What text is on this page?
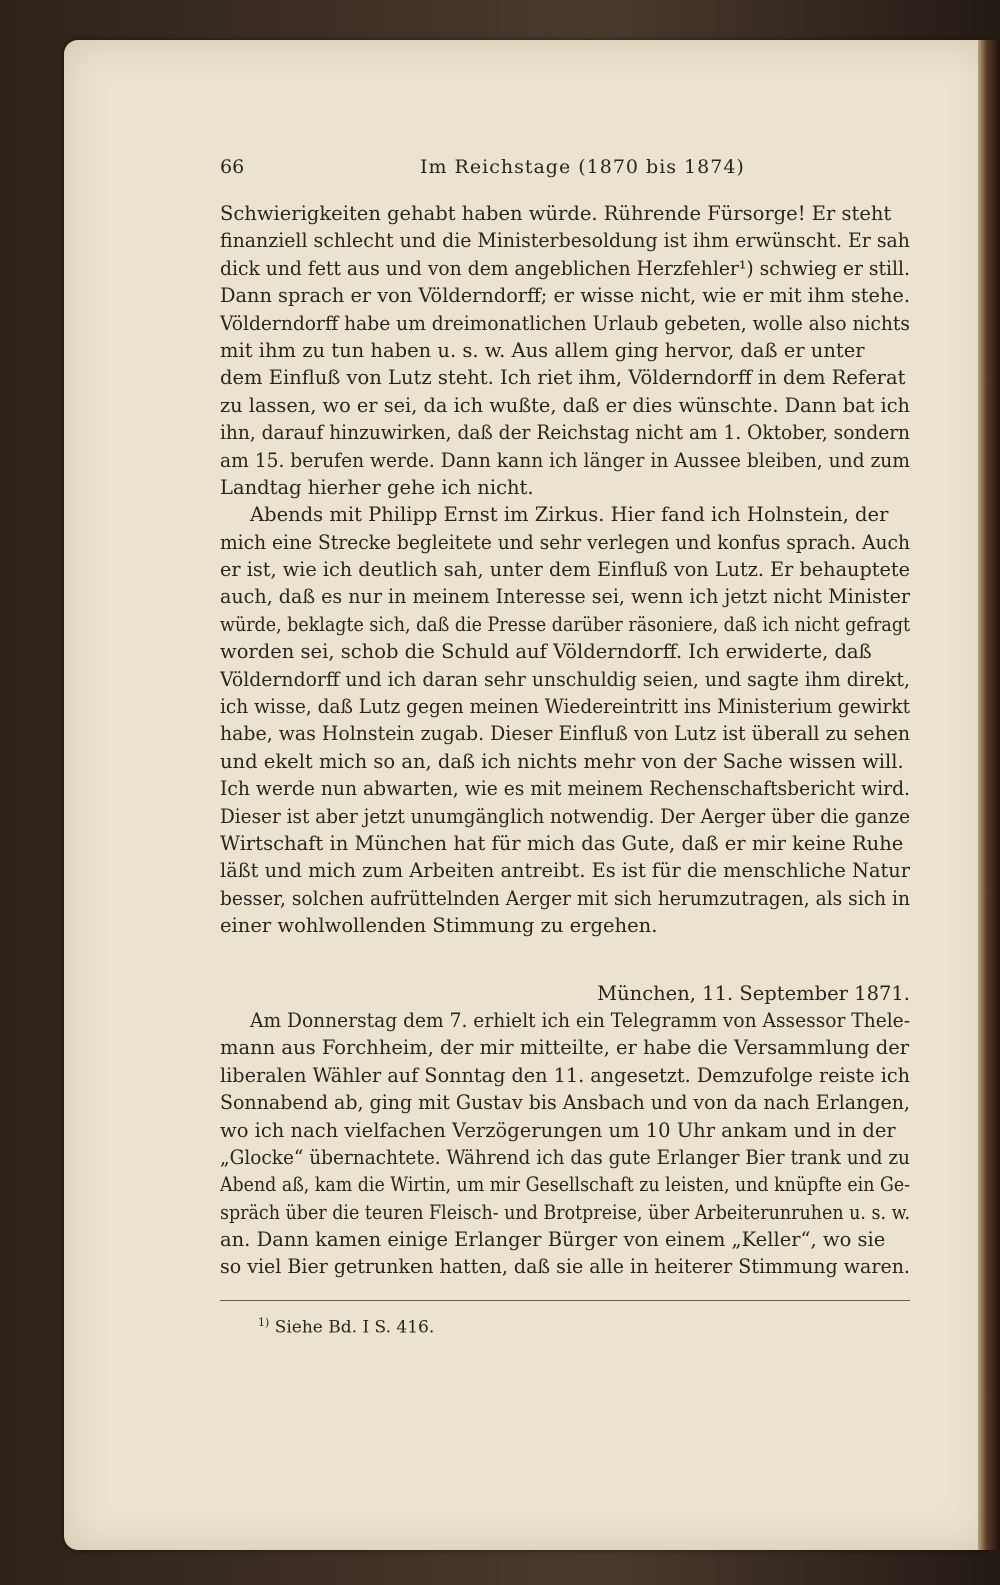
66	Im Reichstage (1870 bis 1874)
Schwierigkeiten gehabt haben würde. Rührende Fürsorge! Er steht
finanziell schlecht und die Ministerbesoldung ist ihm erwünscht. Er sah
dick und fett aus und von dem angeblichen Herzfehler¹) schwieg er still.
Dann sprach er von Völderndorff; er wisse nicht, wie er mit ihm stehe.
Völderndorff habe um dreimonatlichen Urlaub gebeten, wolle also nichts
mit ihm zu tun haben u. s. w. Aus allem ging hervor, daß er unter
dem Einfluß von Lutz steht. Ich riet ihm, Völderndorff in dem Referat
zu lassen, wo er sei, da ich wußte, daß er dies wünschte. Dann bat ich
ihn, darauf hinzuwirken, daß der Reichstag nicht am 1. Oktober, sondern
am 15. berufen werde. Dann kann ich länger in Aussee bleiben, und zum
Landtag hierher gehe ich nicht.
Abends mit Philipp Ernst im Zirkus. Hier fand ich Holnstein, der
mich eine Strecke begleitete und sehr verlegen und konfus sprach. Auch
er ist, wie ich deutlich sah, unter dem Einfluß von Lutz. Er behauptete
auch, daß es nur in meinem Interesse sei, wenn ich jetzt nicht Minister
würde, beklagte sich, daß die Presse darüber räsoniere, daß ich nicht gefragt
worden sei, schob die Schuld auf Völderndorff. Ich erwiderte, daß
Völderndorff und ich daran sehr unschuldig seien, und sagte ihm direkt,
ich wisse, daß Lutz gegen meinen Wiedereintritt ins Ministerium gewirkt
habe, was Holnstein zugab. Dieser Einfluß von Lutz ist überall zu sehen
und ekelt mich so an, daß ich nichts mehr von der Sache wissen will.
Ich werde nun abwarten, wie es mit meinem Rechenschaftsbericht wird.
Dieser ist aber jetzt unumgänglich notwendig. Der Aerger über die ganze
Wirtschaft in München hat für mich das Gute, daß er mir keine Ruhe
läßt und mich zum Arbeiten antreibt. Es ist für die menschliche Natur
besser, solchen aufrüttelnden Aerger mit sich herumzutragen, als sich in
einer wohlwollenden Stimmung zu ergehen.
München, 11. September 1871.
Am Donnerstag dem 7. erhielt ich ein Telegramm von Assessor Thele-
mann aus Forchheim, der mir mitteilte, er habe die Versammlung der
liberalen Wähler auf Sonntag den 11. angesetzt. Demzufolge reiste ich
Sonnabend ab, ging mit Gustav bis Ansbach und von da nach Erlangen,
wo ich nach vielfachen Verzögerungen um 10 Uhr ankam und in der
„Glocke“ übernachtete. Während ich das gute Erlanger Bier trank und zu
Abend aß, kam die Wirtin, um mir Gesellschaft zu leisten, und knüpfte ein Ge-
spräch über die teuren Fleisch- und Brotpreise, über Arbeiterunruhen u. s. w.
an. Dann kamen einige Erlanger Bürger von einem „Keller“, wo sie
so viel Bier getrunken hatten, daß sie alle in heiterer Stimmung waren.
$^{1)}$ Siehe Bd. I S. 416.
